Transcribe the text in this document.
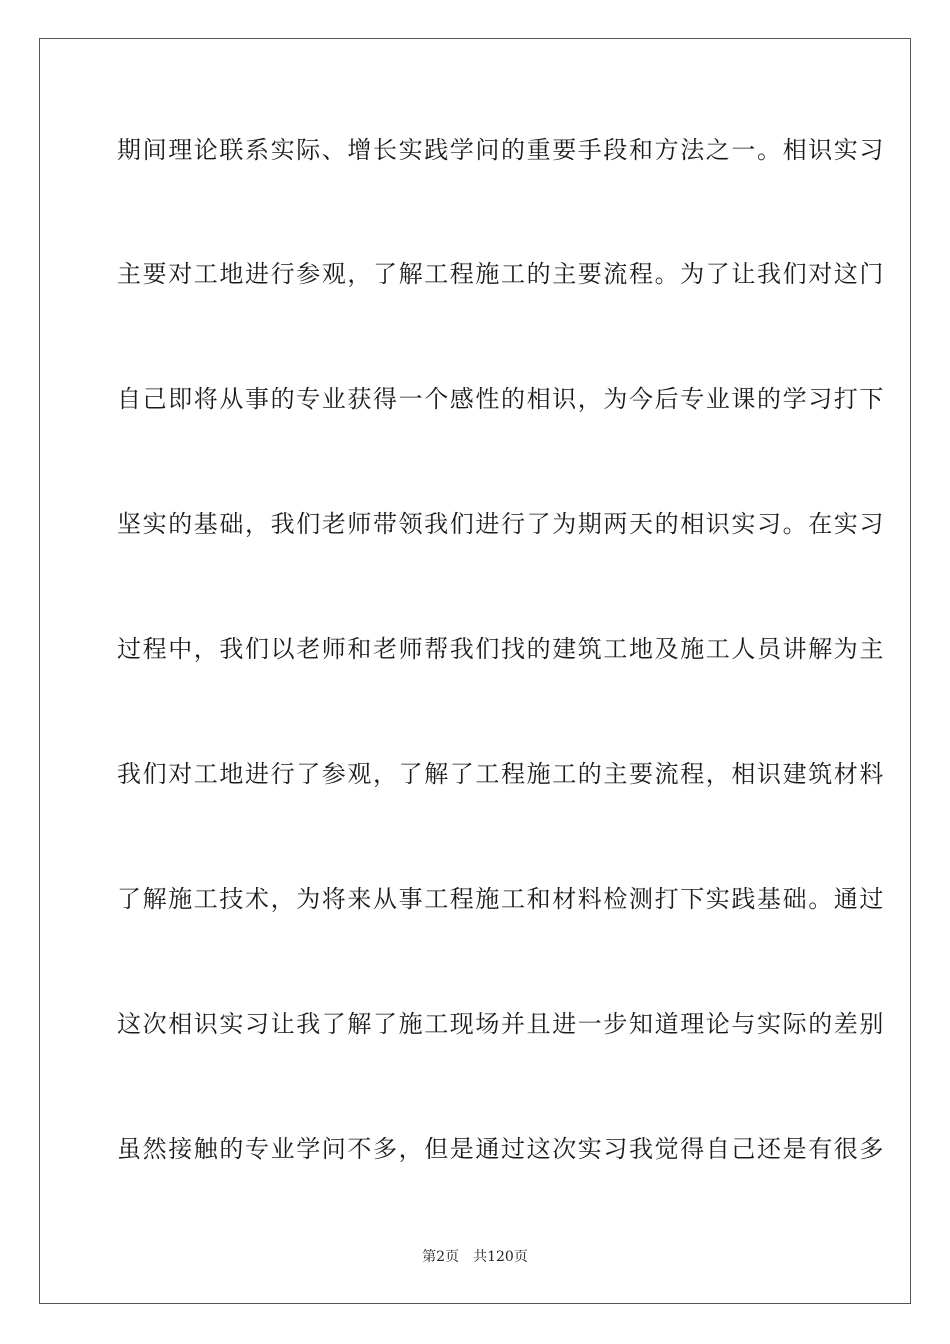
期间理论联系实际、增长实践学问的重要手段和方法之一。相识实习
主要对工地进行参观，了解工程施工的主要流程。为了让我们对这门
自己即将从事的专业获得一个感性的相识，为今后专业课的学习打下
坚实的基础，我们老师带领我们进行了为期两天的相识实习。在实习
过程中，我们以老师和老师帮我们找的建筑工地及施工人员讲解为主
我们对工地进行了参观，了解了工程施工的主要流程，相识建筑材料
了解施工技术，为将来从事工程施工和材料检测打下实践基础。通过
这次相识实习让我了解了施工现场并且进一步知道理论与实际的差别
虽然接触的专业学问不多，但是通过这次实习我觉得自己还是有很多
第2页 共120页
